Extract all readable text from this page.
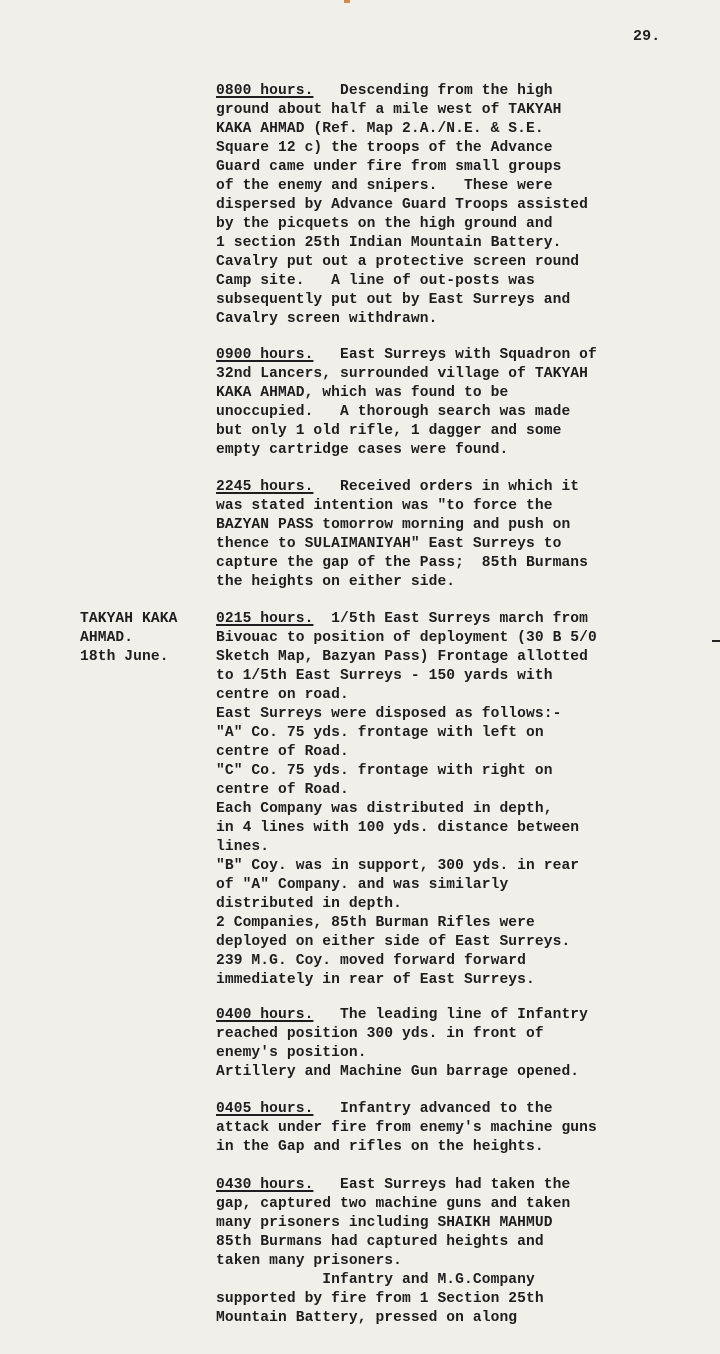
29.
0800 hours.   Descending from the high
ground about half a mile west of TAKYAH
KAKA AHMAD (Ref. Map 2.A./N.E. & S.E.
Square 12 c) the troops of the Advance
Guard came under fire from small groups
of the enemy and snipers.   These were
dispersed by Advance Guard Troops assisted
by the picquets on the high ground and
1 section 25th Indian Mountain Battery.
Cavalry put out a protective screen round
Camp site.   A line of out-posts was
subsequently put out by East Surreys and
Cavalry screen withdrawn.
0900 hours.   East Surreys with Squadron of
32nd Lancers, surrounded village of TAKYAH
KAKA AHMAD, which was found to be
unoccupied.   A thorough search was made
but only 1 old rifle, 1 dagger and some
empty cartridge cases were found.
2245 hours.   Received orders in which it
was stated intention was "to force the
BAZYAN PASS tomorrow morning and push on
thence to SULAIMANIYAH" East Surreys to
capture the gap of the Pass;  85th Burmans
the heights on either side.
TAKYAH KAKA
AHMAD.
18th June.
0215 hours.  1/5th East Surreys march from
Bivouac to position of deployment (30 B 5/0
Sketch Map, Bazyan Pass) Frontage allotted
to 1/5th East Surreys - 150 yards with
centre on road.
East Surreys were disposed as follows:-
"A" Co. 75 yds. frontage with left on
centre of Road.
"C" Co. 75 yds. frontage with right on
centre of Road.
Each Company was distributed in depth,
in 4 lines with 100 yds. distance between
lines.
"B" Coy. was in support, 300 yds. in rear
of "A" Company. and was similarly
distributed in depth.
2 Companies, 85th Burman Rifles were
deployed on either side of East Surreys.
239 M.G. Coy. moved forward forward
immediately in rear of East Surreys.
0400 hours.   The leading line of Infantry
reached position 300 yds. in front of
enemy's position.
Artillery and Machine Gun barrage opened.
0405 hours.   Infantry advanced to the
attack under fire from enemy's machine guns
in the Gap and rifles on the heights.
0430 hours.   East Surreys had taken the
gap, captured two machine guns and taken
many prisoners including SHAIKH MAHMUD
85th Burmans had captured heights and
taken many prisoners.
Infantry and M.G.Company
supported by fire from 1 Section 25th
Mountain Battery, pressed on along
